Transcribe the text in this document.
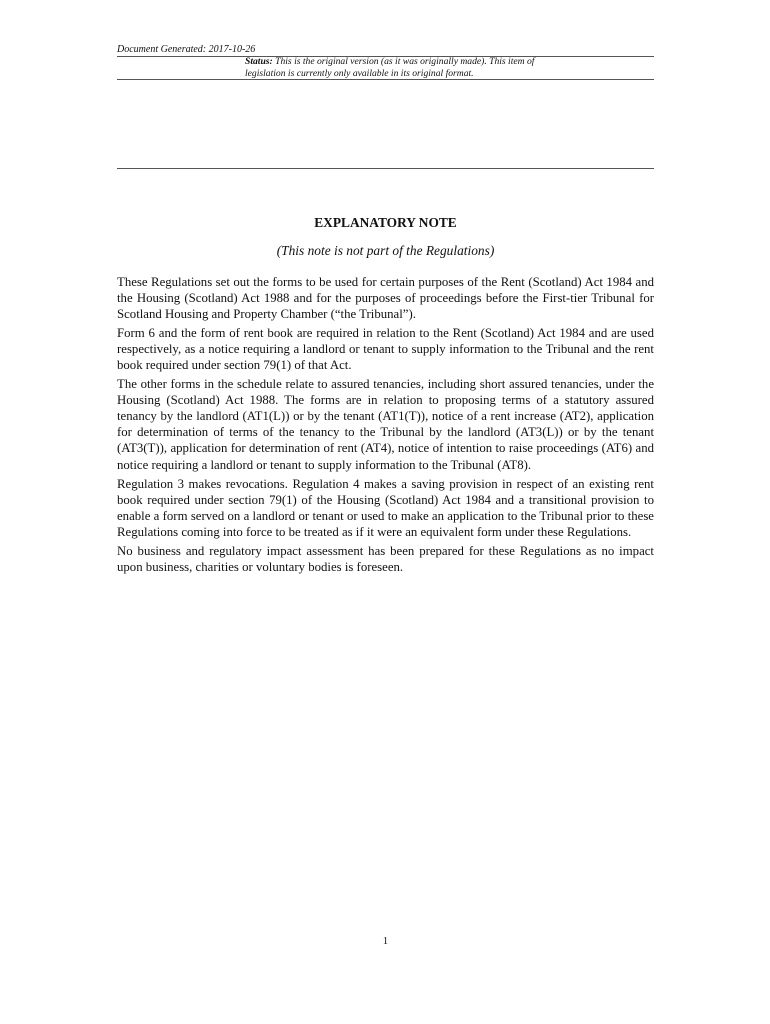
Document Generated: 2017-10-26
Status: This is the original version (as it was originally made). This item of legislation is currently only available in its original format.
EXPLANATORY NOTE
(This note is not part of the Regulations)

These Regulations set out the forms to be used for certain purposes of the Rent (Scotland) Act 1984 and the Housing (Scotland) Act 1988 and for the purposes of proceedings before the First-tier Tribunal for Scotland Housing and Property Chamber (“the Tribunal”).

Form 6 and the form of rent book are required in relation to the Rent (Scotland) Act 1984 and are used respectively, as a notice requiring a landlord or tenant to supply information to the Tribunal and the rent book required under section 79(1) of that Act.

The other forms in the schedule relate to assured tenancies, including short assured tenancies, under the Housing (Scotland) Act 1988. The forms are in relation to proposing terms of a statutory assured tenancy by the landlord (AT1(L)) or by the tenant (AT1(T)), notice of a rent increase (AT2), application for determination of terms of the tenancy to the Tribunal by the landlord (AT3(L)) or by the tenant (AT3(T)), application for determination of rent (AT4), notice of intention to raise proceedings (AT6) and notice requiring a landlord or tenant to supply information to the Tribunal (AT8).

Regulation 3 makes revocations. Regulation 4 makes a saving provision in respect of an existing rent book required under section 79(1) of the Housing (Scotland) Act 1984 and a transitional provision to enable a form served on a landlord or tenant or used to make an application to the Tribunal prior to these Regulations coming into force to be treated as if it were an equivalent form under these Regulations.

No business and regulatory impact assessment has been prepared for these Regulations as no impact upon business, charities or voluntary bodies is foreseen.

1
